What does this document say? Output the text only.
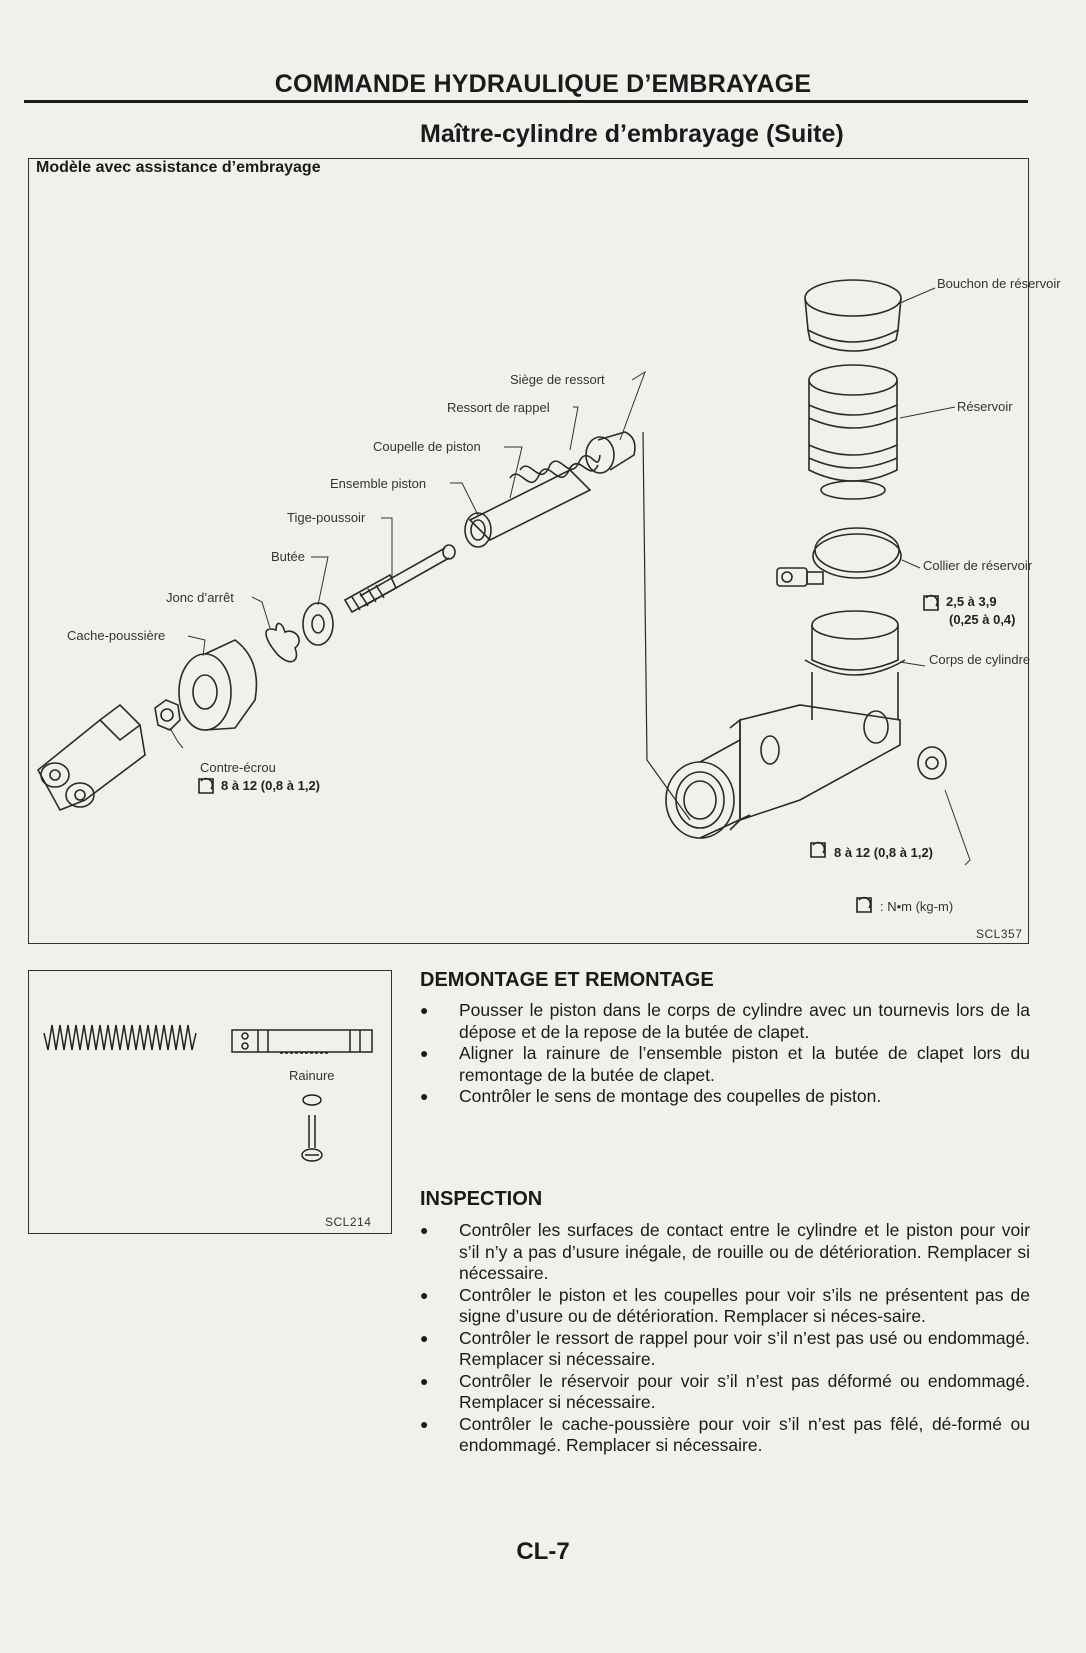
COMMANDE HYDRAULIQUE D’EMBRAYAGE
Maître-cylindre d’embrayage (Suite)
Modèle avec assistance d’embrayage
Bouchon de réservoir
Réservoir
Collier de réservoir
2,5 à 3,9
(0,25 à 0,4)
Corps de cylindre
Siège de ressort
Ressort de rappel
Coupelle de piston
Ensemble piston
Tige-poussoir
Butée
Jonc d’arrêt
Cache-poussière
Contre-écrou
8 à 12 (0,8 à 1,2)
8 à 12 (0,8 à 1,2)
: N•m (kg-m)
SCL357
Rainure
SCL214
DEMONTAGE ET REMONTAGE
● Pousser le piston dans le corps de cylindre avec un tournevis lors de la dépose et de la repose de la butée de clapet.
● Aligner la rainure de l’ensemble piston et la butée de clapet lors du remontage de la butée de clapet.
● Contrôler le sens de montage des coupelles de piston.
INSPECTION
● Contrôler les surfaces de contact entre le cylindre et le piston pour voir s’il n’y a pas d’usure inégale, de rouille ou de détérioration. Remplacer si nécessaire.
● Contrôler le piston et les coupelles pour voir s’ils ne présentent pas de signe d’usure ou de détérioration. Remplacer si néces-saire.
● Contrôler le ressort de rappel pour voir s’il n’est pas usé ou endommagé. Remplacer si nécessaire.
● Contrôler le réservoir pour voir s’il n’est pas déformé ou endommagé. Remplacer si nécessaire.
● Contrôler le cache-poussière pour voir s’il n’est pas fêlé, dé-formé ou endommagé. Remplacer si nécessaire.
CL-7
